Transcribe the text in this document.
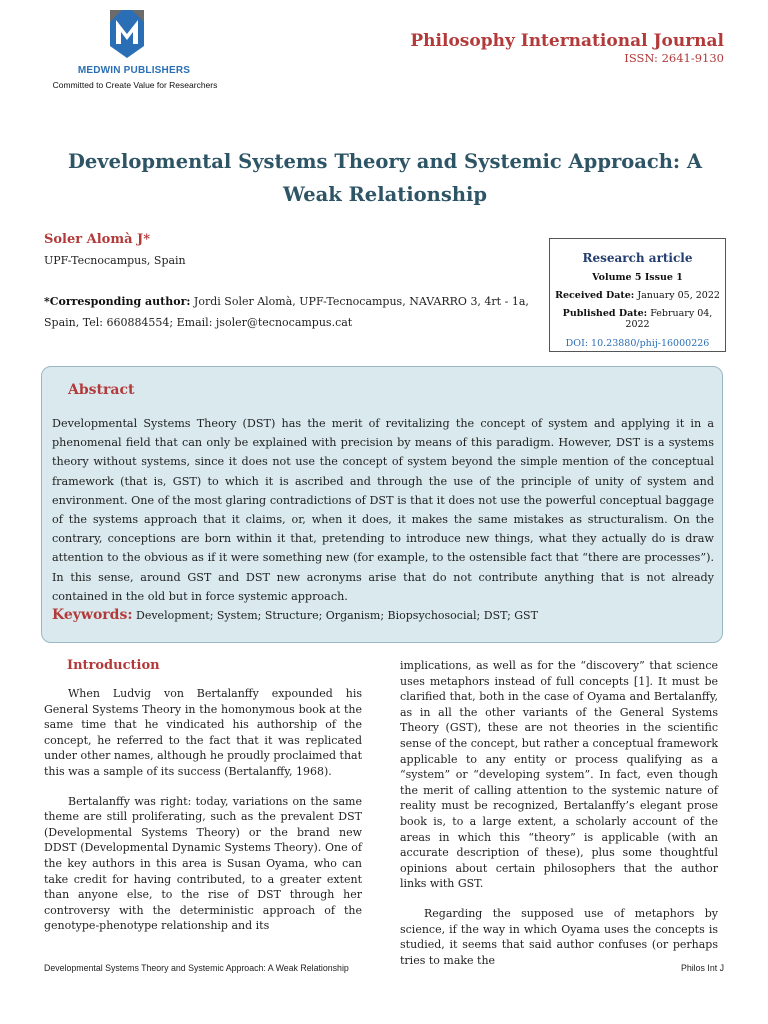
MEDWIN PUBLISHERS
Committed to Create Value for Researchers
Philosophy International Journal
ISSN: 2641-9130
Developmental Systems Theory and Systemic Approach: A Weak Relationship
Soler Alomà J*
UPF-Tecnocampus, Spain
*Corresponding author: Jordi Soler Alomà, UPF-Tecnocampus, NAVARRO 3, 4rt - 1a, Spain, Tel: 660884554; Email: jsoler@tecnocampus.cat
Research article
Volume 5 Issue 1
Received Date: January 05, 2022
Published Date: February 04, 2022
DOI: 10.23880/phij-16000226
Abstract
Developmental Systems Theory (DST) has the merit of revitalizing the concept of system and applying it in a phenomenal field that can only be explained with precision by means of this paradigm. However, DST is a systems theory without systems, since it does not use the concept of system beyond the simple mention of the conceptual framework (that is, GST) to which it is ascribed and through the use of the principle of unity of system and environment. One of the most glaring contradictions of DST is that it does not use the powerful conceptual baggage of the systems approach that it claims, or, when it does, it makes the same mistakes as structuralism. On the contrary, conceptions are born within it that, pretending to introduce new things, what they actually do is draw attention to the obvious as if it were something new (for example, to the ostensible fact that “there are processes”). In this sense, around GST and DST new acronyms arise that do not contribute anything that is not already contained in the old but in force systemic approach.
Keywords: Development; System; Structure; Organism; Biopsychosocial; DST; GST
Introduction

When Ludvig von Bertalanffy expounded his General Systems Theory in the homonymous book at the same time that he vindicated his authorship of the concept, he referred to the fact that it was replicated under other names, although he proudly proclaimed that this was a sample of its success (Bertalanffy, 1968).

Bertalanffy was right: today, variations on the same theme are still proliferating, such as the prevalent DST (Developmental Systems Theory) or the brand new DDST (Developmental Dynamic Systems Theory). One of the key authors in this area is Susan Oyama, who can take credit for having contributed, to a greater extent than anyone else, to the rise of DST through her controversy with the deterministic approach of the genotype-phenotype relationship and its

implications, as well as for the “discovery” that science uses metaphors instead of full concepts [1]. It must be clarified that, both in the case of Oyama and Bertalanffy, as in all the other variants of the General Systems Theory (GST), these are not theories in the scientific sense of the concept, but rather a conceptual framework applicable to any entity or process qualifying as a “system” or “developing system”. In fact, even though the merit of calling attention to the systemic nature of reality must be recognized, Bertalanffy’s elegant prose book is, to a large extent, a scholarly account of the areas in which this “theory” is applicable (with an accurate description of these), plus some thoughtful opinions about certain philosophers that the author links with GST.

Regarding the supposed use of metaphors by science, if the way in which Oyama uses the concepts is studied, it seems that said author confuses (or perhaps tries to make the

Developmental Systems Theory and Systemic Approach: A Weak Relationship	Philos Int J
